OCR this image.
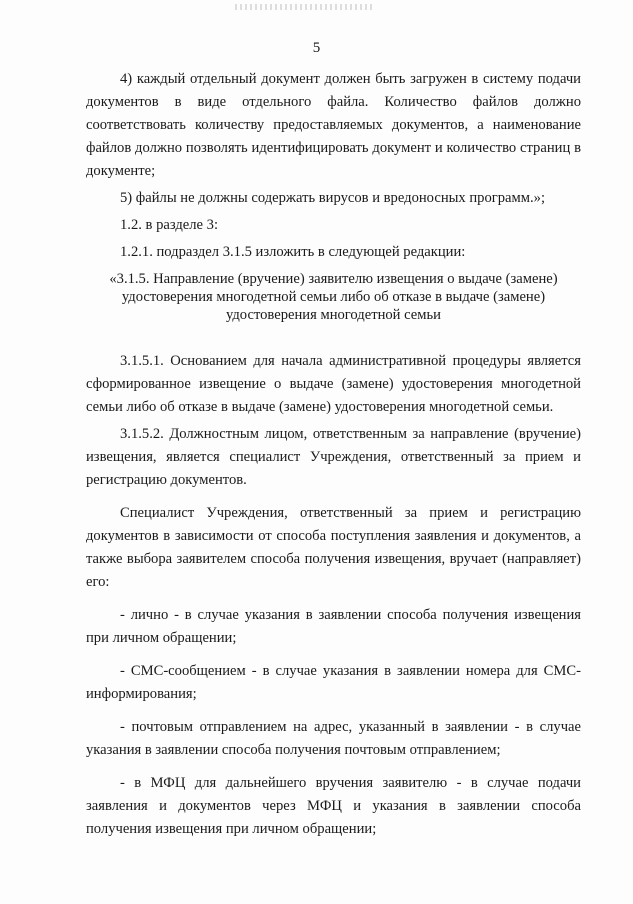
5

4) каждый отдельный документ должен быть загружен в систему подачи документов в виде отдельного файла. Количество файлов должно соответствовать количеству предоставляемых документов, а наименование файлов должно позволять идентифицировать документ и количество страниц в документе;

5) файлы не должны содержать вирусов и вредоносных программ.»;

1.2. в разделе 3:

1.2.1. подраздел 3.1.5 изложить в следующей редакции:

«3.1.5. Направление (вручение) заявителю извещения о выдаче (замене) удостоверения многодетной семьи либо об отказе в выдаче (замене) удостоверения многодетной семьи

3.1.5.1. Основанием для начала административной процедуры является сформированное извещение о выдаче (замене) удостоверения многодетной семьи либо об отказе в выдаче (замене) удостоверения многодетной семьи.

3.1.5.2. Должностным лицом, ответственным за направление (вручение) извещения, является специалист Учреждения, ответственный за прием и регистрацию документов.

Специалист Учреждения, ответственный за прием и регистрацию документов в зависимости от способа поступления заявления и документов, а также выбора заявителем способа получения извещения, вручает (направляет) его:

- лично - в случае указания в заявлении способа получения извещения при личном обращении;

- СМС-сообщением - в случае указания в заявлении номера для СМС-информирования;

- почтовым отправлением на адрес, указанный в заявлении - в случае указания в заявлении способа получения почтовым отправлением;

- в МФЦ для дальнейшего вручения заявителю - в случае подачи заявления и документов через МФЦ и указания в заявлении способа получения извещения при личном обращении;
